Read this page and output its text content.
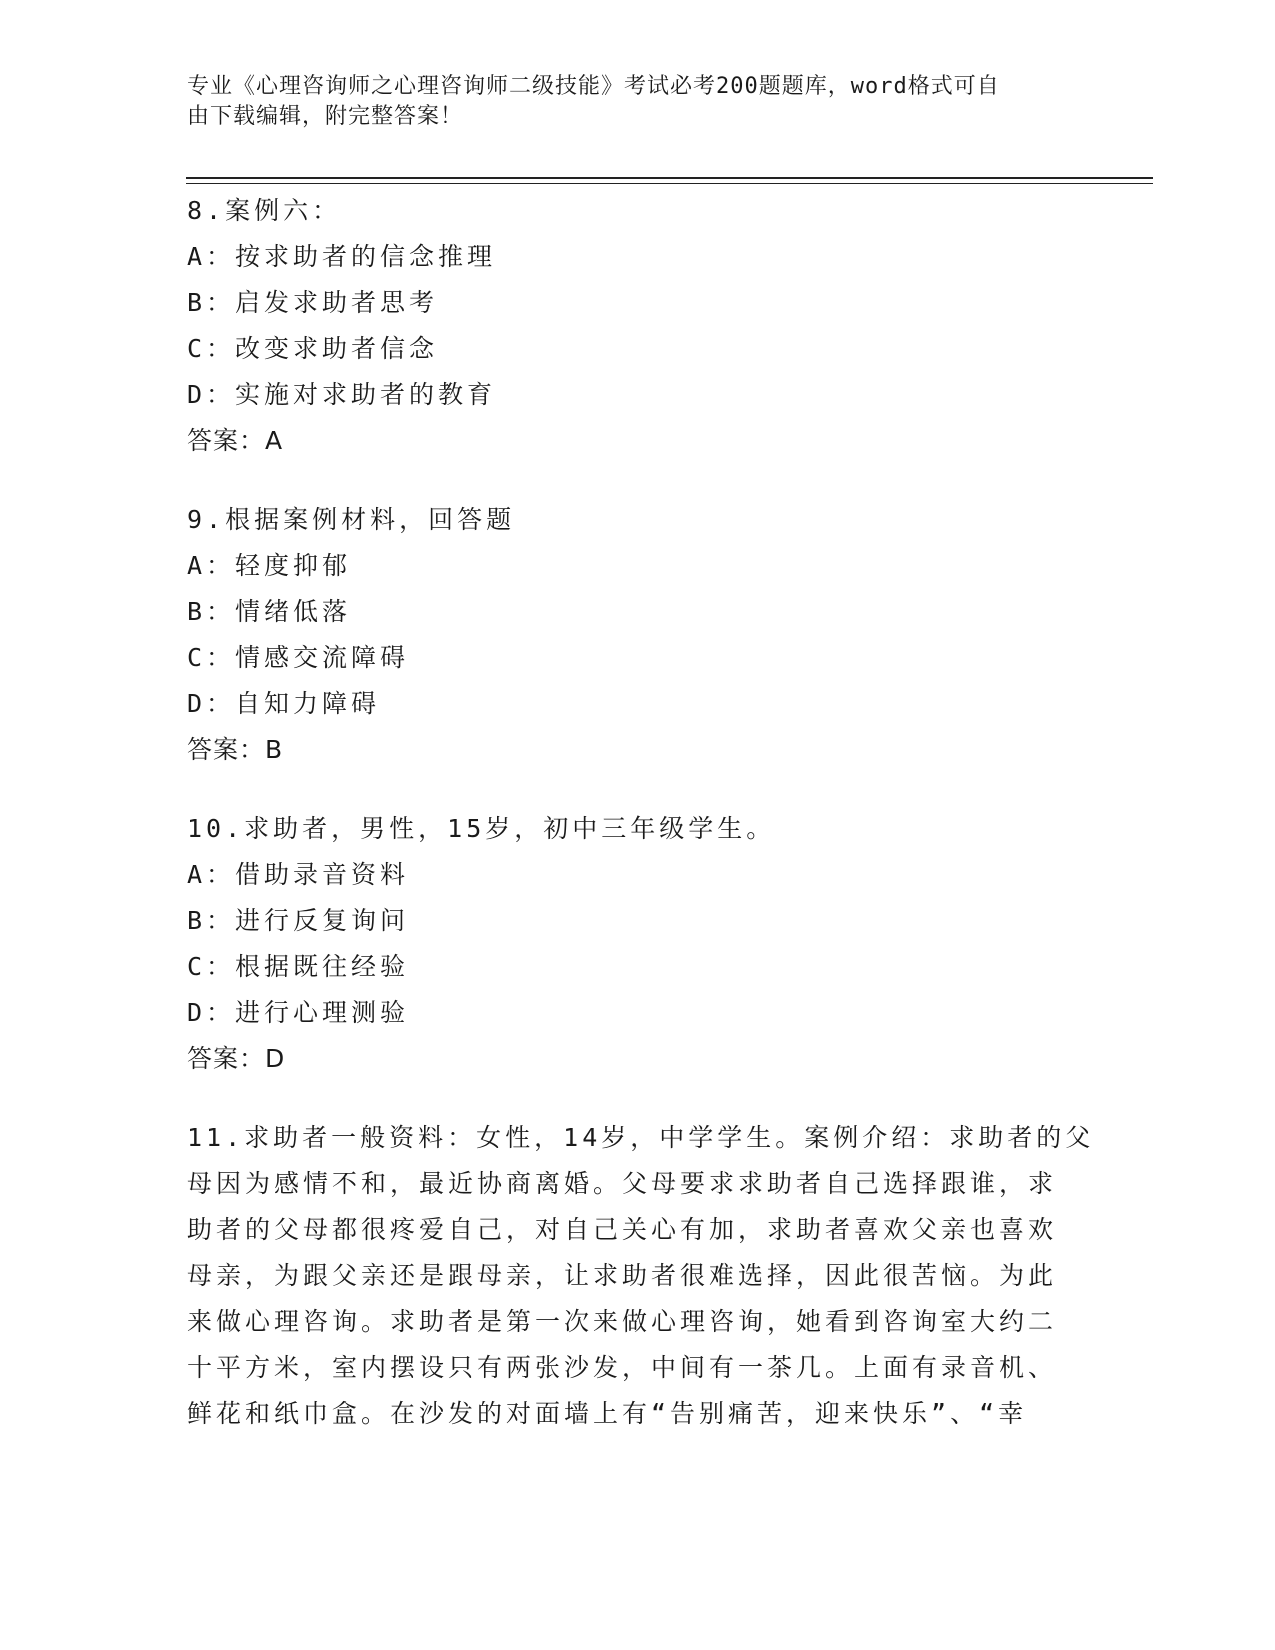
专业《心理咨询师之心理咨询师二级技能》考试必考200题题库，word格式可自
由下载编辑，附完整答案！
8.案例六：
A：按求助者的信念推理
B：启发求助者思考
C：改变求助者信念
D：实施对求助者的教育
答案：A
9.根据案例材料，回答题
A：轻度抑郁
B：情绪低落
C：情感交流障碍
D：自知力障碍
答案：B
10.求助者，男性，15岁，初中三年级学生。
A：借助录音资料
B：进行反复询问
C：根据既往经验
D：进行心理测验
答案：D
11.求助者一般资料：女性，14岁，中学学生。案例介绍：求助者的父
母因为感情不和，最近协商离婚。父母要求求助者自己选择跟谁，求
助者的父母都很疼爱自己，对自己关心有加，求助者喜欢父亲也喜欢
母亲，为跟父亲还是跟母亲，让求助者很难选择，因此很苦恼。为此
来做心理咨询。求助者是第一次来做心理咨询，她看到咨询室大约二
十平方米，室内摆设只有两张沙发，中间有一茶几。上面有录音机、
鲜花和纸巾盒。在沙发的对面墙上有“告别痛苦，迎来快乐”、“幸
